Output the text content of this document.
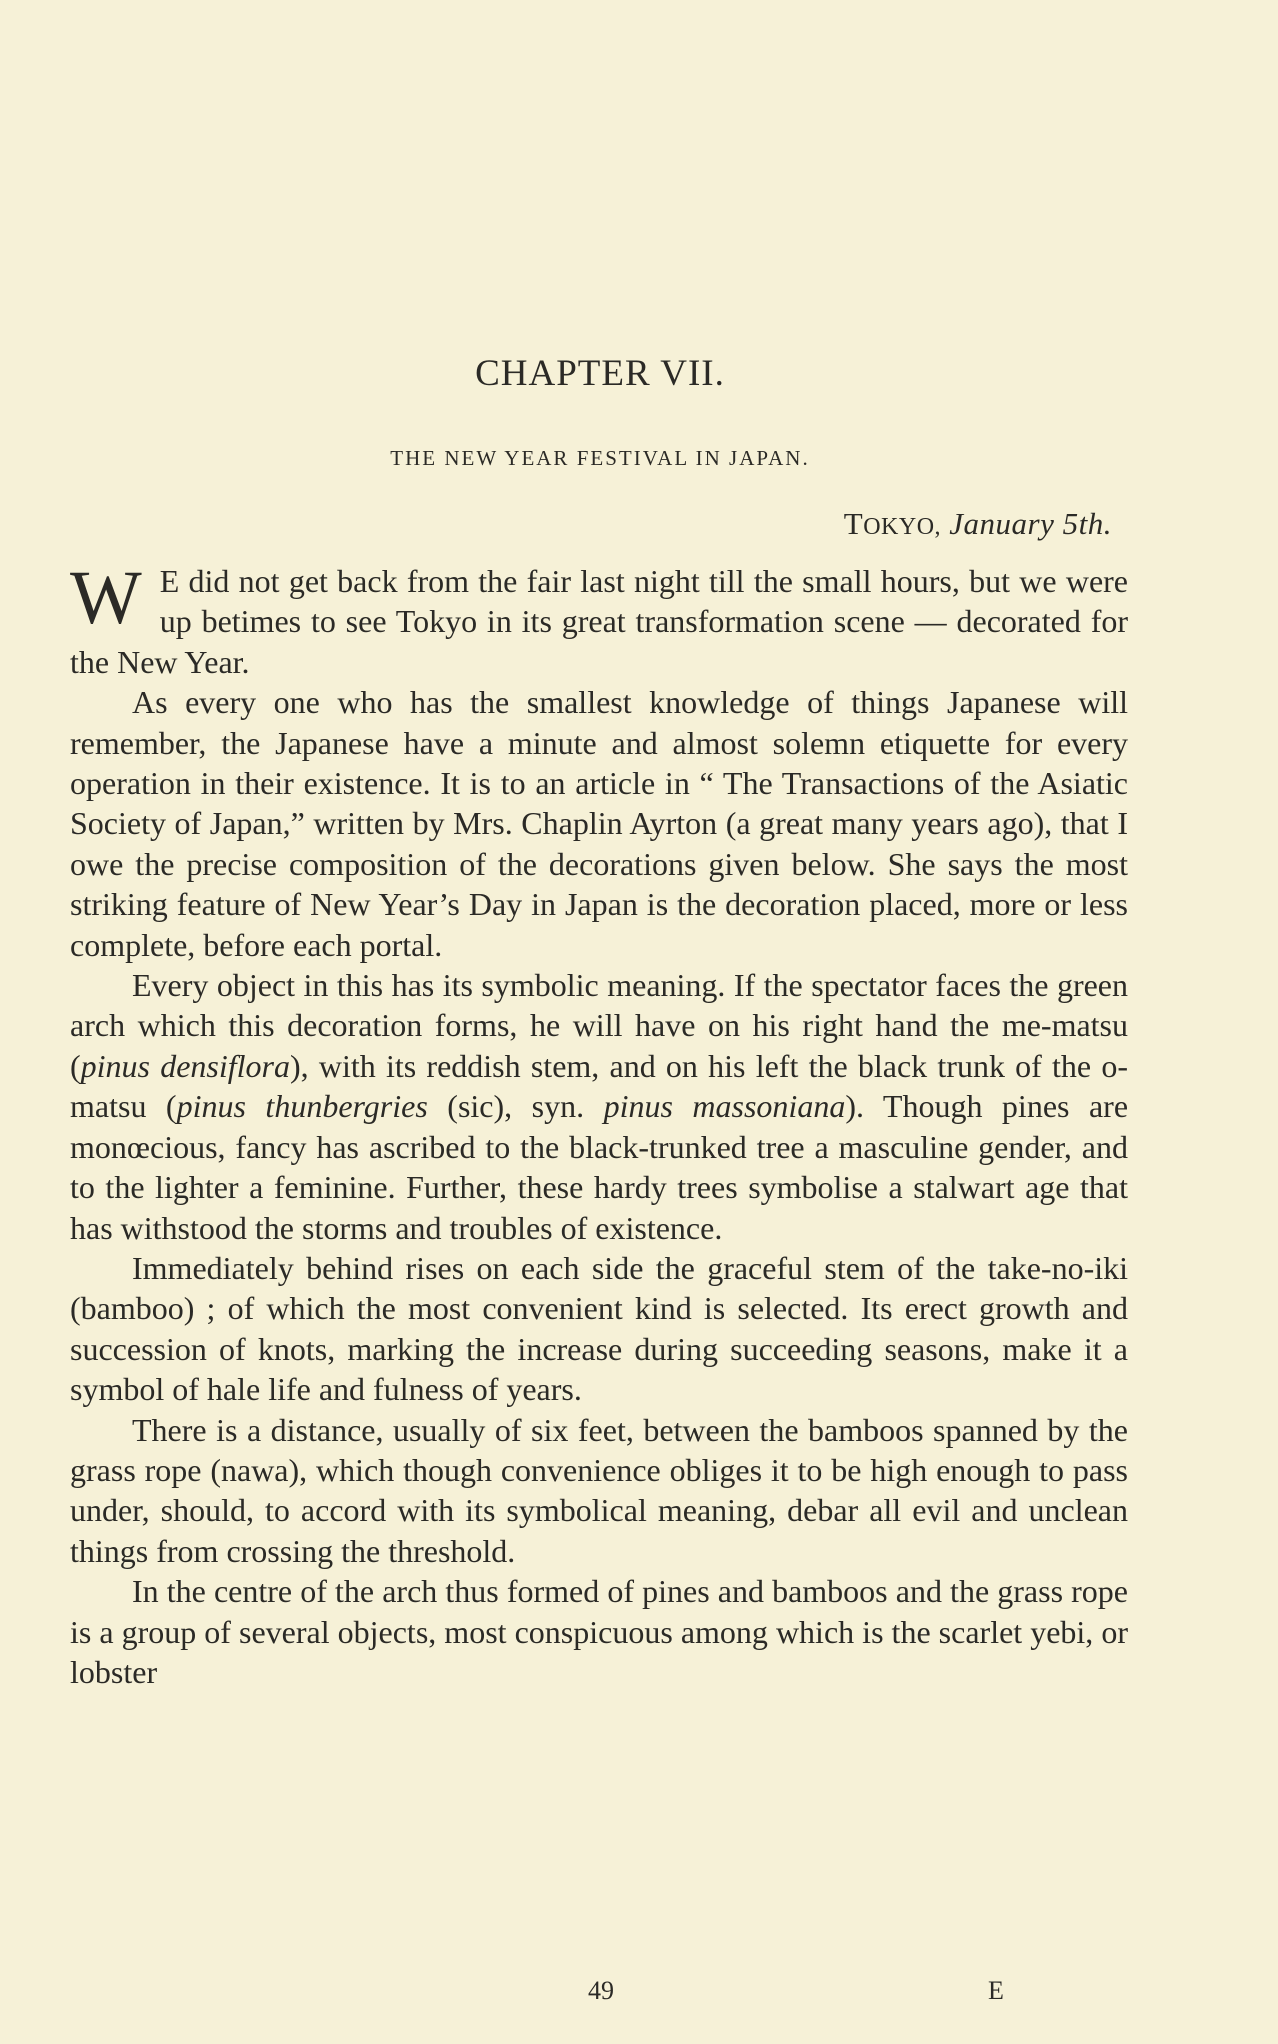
CHAPTER VII.
THE NEW YEAR FESTIVAL IN JAPAN.
TOKYO, January 5th.

W E did not get back from the fair last night till the small hours, but we were up betimes to see Tokyo in its great transformation scene — decorated for the New Year.

As every one who has the smallest knowledge of things Japanese will remember, the Japanese have a minute and almost solemn etiquette for every operation in their existence. It is to an article in “ The Transactions of the Asiatic Society of Japan,” written by Mrs. Chaplin Ayrton (a great many years ago), that I owe the precise composition of the decorations given below. She says the most striking feature of New Year’s Day in Japan is the decoration placed, more or less complete, before each portal.

Every object in this has its symbolic meaning. If the spectator faces the green arch which this decoration forms, he will have on his right hand the me-matsu (pinus densiflora), with its reddish stem, and on his left the black trunk of the o-matsu (pinus thunbergries (sic), syn. pinus massoniana). Though pines are monœcious, fancy has ascribed to the black-trunked tree a masculine gender, and to the lighter a feminine. Further, these hardy trees symbolise a stalwart age that has withstood the storms and troubles of existence.

Immediately behind rises on each side the graceful stem of the take-no-iki (bamboo) ; of which the most convenient kind is selected. Its erect growth and succession of knots, marking the increase during succeeding seasons, make it a symbol of hale life and fulness of years.

There is a distance, usually of six feet, between the bamboos spanned by the grass rope (nawa), which though convenience obliges it to be high enough to pass under, should, to accord with its symbolical meaning, debar all evil and unclean things from crossing the threshold.

In the centre of the arch thus formed of pines and bamboos and the grass rope is a group of several objects, most conspicuous among which is the scarlet yebi, or lobster

49	E
